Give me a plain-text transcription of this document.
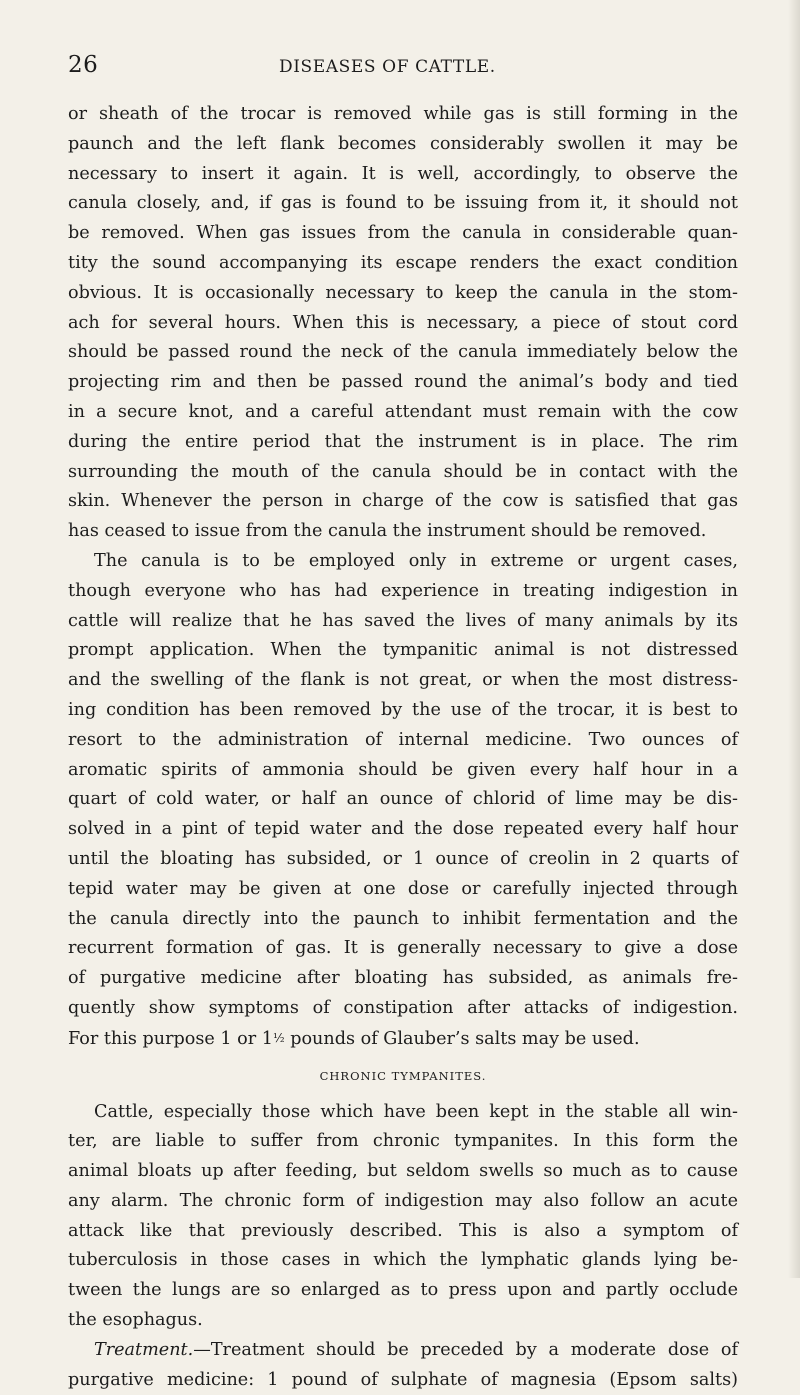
26	DISEASES OF CATTLE.
or sheath of the trocar is removed while gas is still forming in the
paunch and the left flank becomes considerably swollen it may be
necessary to insert it again. It is well, accordingly, to observe the
canula closely, and, if gas is found to be issuing from it, it should not
be removed. When gas issues from the canula in considerable quan-
tity the sound accompanying its escape renders the exact condition
obvious. It is occasionally necessary to keep the canula in the stom-
ach for several hours. When this is necessary, a piece of stout cord
should be passed round the neck of the canula immediately below the
projecting rim and then be passed round the animal’s body and tied
in a secure knot, and a careful attendant must remain with the cow
during the entire period that the instrument is in place. The rim
surrounding the mouth of the canula should be in contact with the
skin. Whenever the person in charge of the cow is satisfied that gas
has ceased to issue from the canula the instrument should be removed.
The canula is to be employed only in extreme or urgent cases,
though everyone who has had experience in treating indigestion in
cattle will realize that he has saved the lives of many animals by its
prompt application. When the tympanitic animal is not distressed
and the swelling of the flank is not great, or when the most distress-
ing condition has been removed by the use of the trocar, it is best to
resort to the administration of internal medicine. Two ounces of
aromatic spirits of ammonia should be given every half hour in a
quart of cold water, or half an ounce of chlorid of lime may be dis-
solved in a pint of tepid water and the dose repeated every half hour
until the bloating has subsided, or 1 ounce of creolin in 2 quarts of
tepid water may be given at one dose or carefully injected through
the canula directly into the paunch to inhibit fermentation and the
recurrent formation of gas. It is generally necessary to give a dose
of purgative medicine after bloating has subsided, as animals fre-
quently show symptoms of constipation after attacks of indigestion.
For this purpose 1 or 1½ pounds of Glauber’s salts may be used.
CHRONIC TYMPANITES.
Cattle, especially those which have been kept in the stable all win-
ter, are liable to suffer from chronic tympanites. In this form the
animal bloats up after feeding, but seldom swells so much as to cause
any alarm. The chronic form of indigestion may also follow an acute
attack like that previously described. This is also a symptom of
tuberculosis in those cases in which the lymphatic glands lying be-
tween the lungs are so enlarged as to press upon and partly occlude
the esophagus.
Treatment.—Treatment should be preceded by a moderate dose of
purgative medicine: 1 pound of sulphate of magnesia (Epsom salts)
